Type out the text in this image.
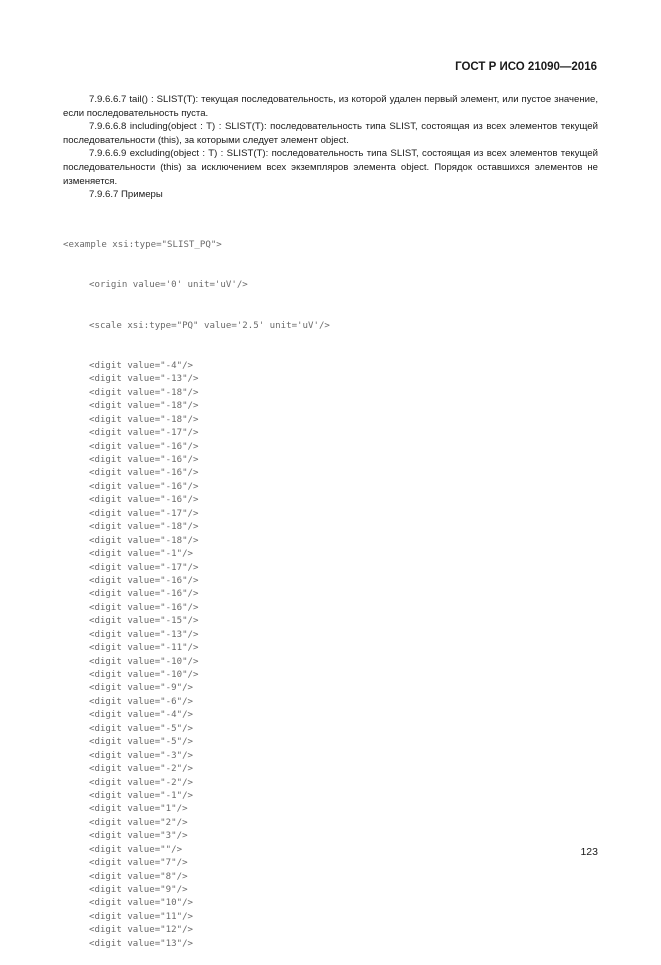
ГОСТ Р ИСО 21090—2016

7.9.6.6.7 tail() : SLIST(T): текущая последовательность, из которой удален первый элемент, или пустое значение, если последовательность пуста.

7.9.6.6.8 including(object : T) : SLIST(T): последовательность типа SLIST, состоящая из всех элементов текущей последовательности (this), за которыми следует элемент object.

7.9.6.6.9 excluding(object : T) : SLIST(T): последовательность типа SLIST, состоящая из всех элементов текущей последовательности (this) за исключением всех экземпляров элемента object. Порядок оставшихся элементов не изменяется.

7.9.6.7 Примеры

<example xsi:type="SLIST_PQ">

<origin value='0' unit='uV'/>

<scale xsi:type="PQ" value='2.5' unit='uV'/>

<digit value="-4"/>
<digit value="-13"/>
<digit value="-18"/>
<digit value="-18"/>
<digit value="-18"/>
<digit value="-17"/>
<digit value="-16"/>
<digit value="-16"/>
<digit value="-16"/>
<digit value="-16"/>
<digit value="-16"/>
<digit value="-17"/>
<digit value="-18"/>
<digit value="-18"/>
<digit value="-1"/>
<digit value="-17"/>
<digit value="-16"/>
<digit value="-16"/>
<digit value="-16"/>
<digit value="-15"/>
<digit value="-13"/>
<digit value="-11"/>
<digit value="-10"/>
<digit value="-10"/>
<digit value="-9"/>
<digit value="-6"/>
<digit value="-4"/>
<digit value="-5"/>
<digit value="-5"/>
<digit value="-3"/>
<digit value="-2"/>
<digit value="-2"/>
<digit value="-1"/>
<digit value="1"/>
<digit value="2"/>
<digit value="3"/>
<digit value=""/>
<digit value="7"/>
<digit value="8"/>
<digit value="9"/>
<digit value="10"/>
<digit value="11"/>
<digit value="12"/>
<digit value="13"/>

123
